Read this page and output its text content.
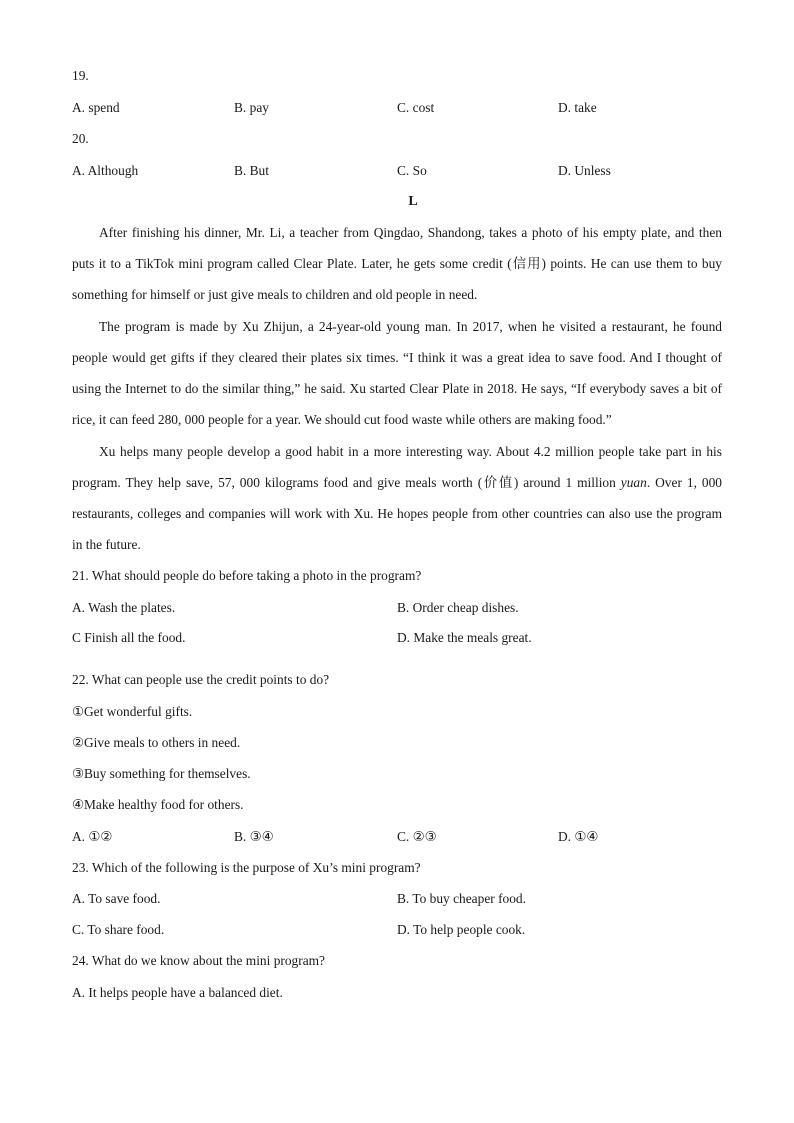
19.
A. spend	B. pay	C. cost	D. take
20.
A. Although	B. But	C. So	D. Unless
L
After finishing his dinner, Mr. Li, a teacher from Qingdao, Shandong, takes a photo of his empty plate, and then puts it to a TikTok mini program called Clear Plate. Later, he gets some credit (信用) points. He can use them to buy something for himself or just give meals to children and old people in need.
The program is made by Xu Zhijun, a 24-year-old young man. In 2017, when he visited a restaurant, he found people would get gifts if they cleared their plates six times. “I think it was a great idea to save food. And I thought of using the Internet to do the similar thing,” he said. Xu started Clear Plate in 2018. He says, “If everybody saves a bit of rice, it can feed 280, 000 people for a year. We should cut food waste while others are making food.”
Xu helps many people develop a good habit in a more interesting way. About 4.2 million people take part in his program. They help save, 57, 000 kilograms food and give meals worth (价值) around 1 million yuan. Over 1, 000 restaurants, colleges and companies will work with Xu. He hopes people from other countries can also use the program in the future.
21. What should people do before taking a photo in the program?
A. Wash the plates.	B. Order cheap dishes.
C Finish all the food.	D. Make the meals great.
22. What can people use the credit points to do?
①Get wonderful gifts.
②Give meals to others in need.
③Buy something for themselves.
④Make healthy food for others.
A. ①②	B. ③④	C. ②③	D. ①④
23. Which of the following is the purpose of Xu’s mini program?
A. To save food.	B. To buy cheaper food.
C. To share food.	D. To help people cook.
24. What do we know about the mini program?
A. It helps people have a balanced diet.
